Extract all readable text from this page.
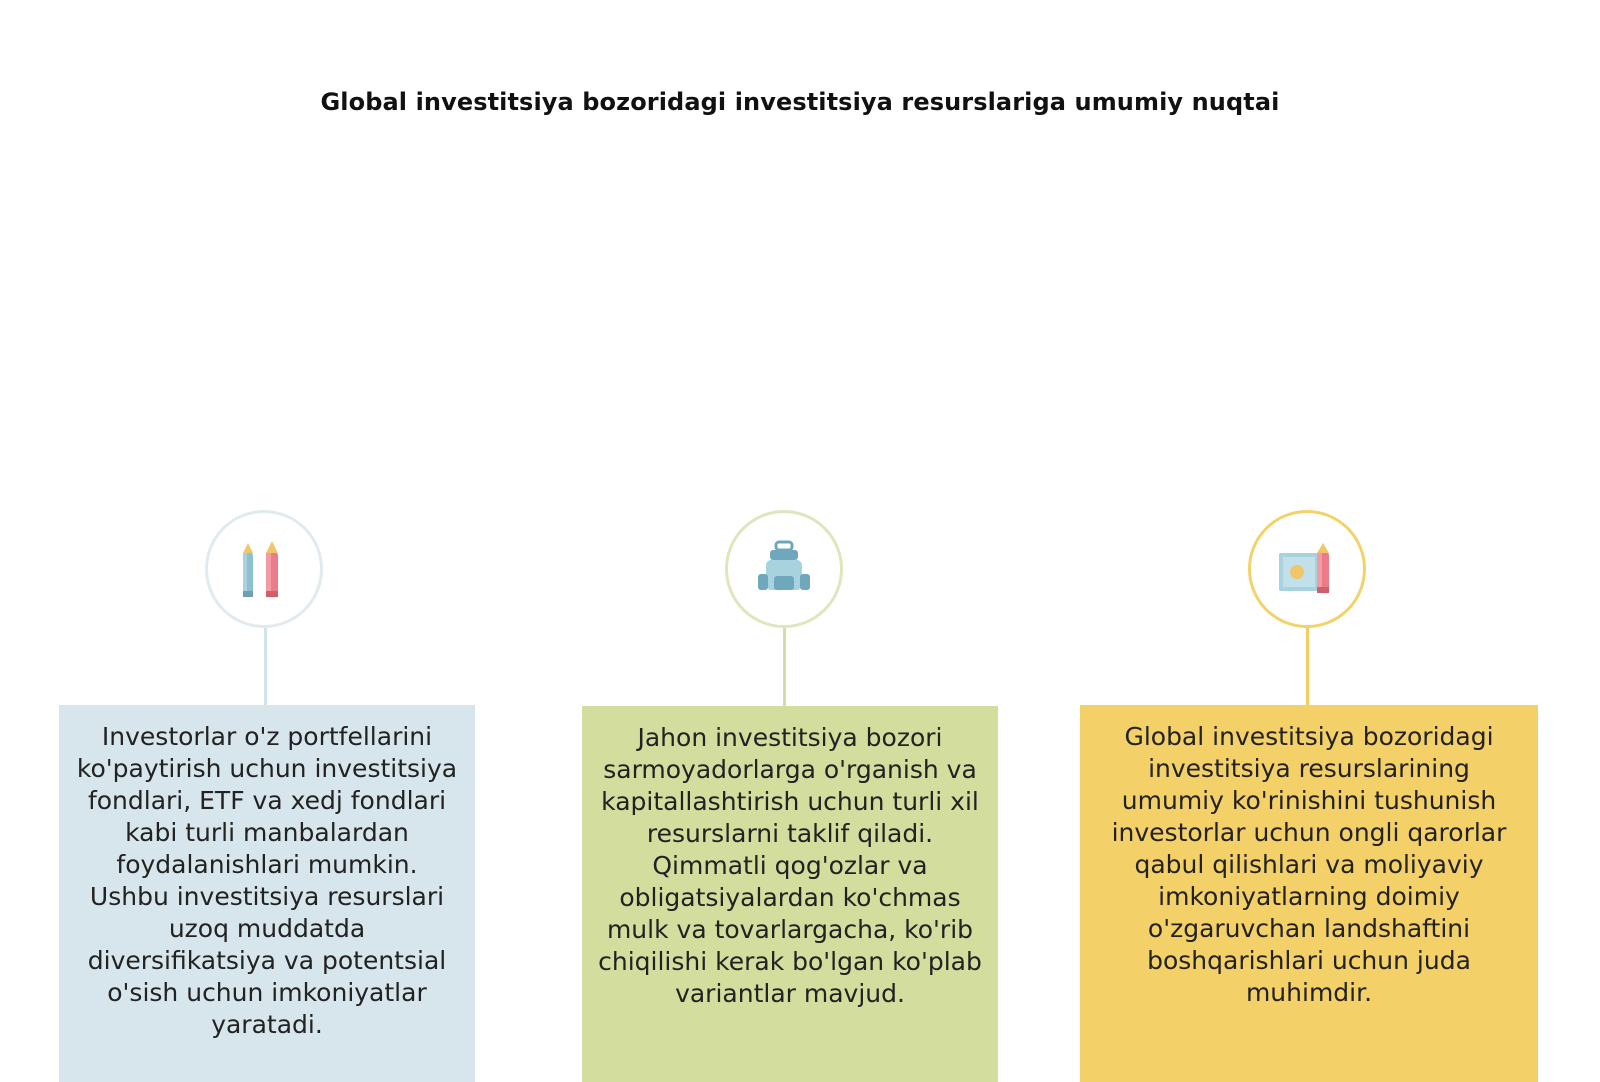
Global investitsiya bozoridagi investitsiya resurslariga umumiy nuqtai
Investorlar o'z portfellarini ko'paytirish uchun investitsiya fondlari, ETF va xedj fondlari kabi turli manbalardan foydalanishlari mumkin. Ushbu investitsiya resurslari uzoq muddatda diversifikatsiya va potentsial o'sish uchun imkoniyatlar yaratadi.
Jahon investitsiya bozori sarmoyadorlarga o'rganish va kapitallashtirish uchun turli xil resurslarni taklif qiladi. Qimmatli qog'ozlar va obligatsiyalardan ko'chmas mulk va tovarlargacha, ko'rib chiqilishi kerak bo'lgan ko'plab variantlar mavjud.
Global investitsiya bozoridagi investitsiya resurslarining umumiy ko'rinishini tushunish investorlar uchun ongli qarorlar qabul qilishlari va moliyaviy imkoniyatlarning doimiy o'zgaruvchan landshaftini boshqarishlari uchun juda muhimdir.
